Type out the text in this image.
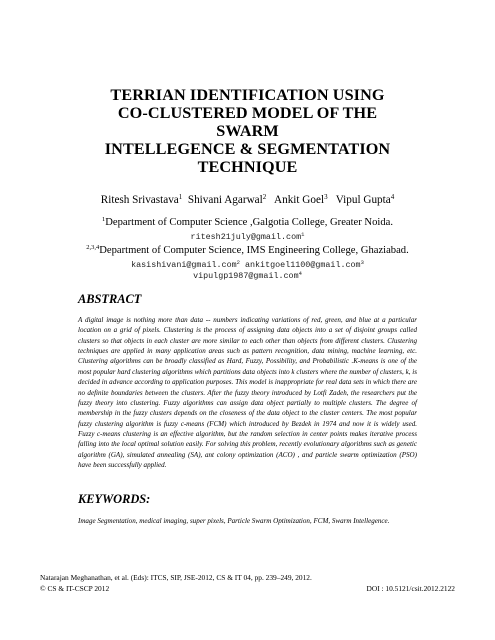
TERRIAN IDENTIFICATION USING
CO-CLUSTERED MODEL OF THE
SWARM
INTELLEGENCE & SEGMENTATION
TECHNIQUE
Ritesh Srivastava$^1$ Shivani Agarwal$^2$ Ankit Goel$^3$ Vipul Gupta$^4$
$^1$Department of Computer Science ,Galgotia College, Greater Noida.
ritesh21july@gmail.com$^1$
$^{2,3,4}$Department of Computer Science, IMS Engineering College, Ghaziabad.
kasishivani@gmail.com$^2$ ankitgoel1100@gmail.com$^3$
vipulgp1987@gmail.com$^4$
ABSTRACT
A digital image is nothing more than data -- numbers indicating variations of red, green, and blue at a particular location on a grid of pixels. Clustering is the process of assigning data objects into a set of disjoint groups called clusters so that objects in each cluster are more similar to each other than objects from different clusters. Clustering techniques are applied in many application areas such as pattern recognition, data mining, machine learning, etc. Clustering algorithms can be broadly classified as Hard, Fuzzy, Possibility, and Probabilistic .K-means is one of the most popular hard clustering algorithms which partitions data objects into k clusters where the number of clusters, k, is decided in advance according to application purposes. This model is inappropriate for real data sets in which there are no definite boundaries between the clusters. After the fuzzy theory introduced by Lotfi Zadeh, the researchers put the fuzzy theory into clustering. Fuzzy algorithms can assign data object partially to multiple clusters. The degree of membership in the fuzzy clusters depends on the closeness of the data object to the cluster centers. The most popular fuzzy clustering algorithm is fuzzy c-means (FCM) which introduced by Bezdek in 1974 and now it is widely used. Fuzzy c-means clustering is an effective algorithm, but the random selection in center points makes iterative process falling into the local optimal solution easily. For solving this problem, recently evolutionary algorithms such as genetic algorithm (GA), simulated annealing (SA), ant colony optimization (ACO) , and particle swarm optimization (PSO) have been successfully applied.
KEYWORDS:
Image Segmentation, medical imaging, super pixels, Particle Swarm Optimization, FCM, Swarm Intellegence.
Natarajan Meghanathan, et al. (Eds): ITCS, SIP, JSE-2012, CS & IT 04, pp. 239–249, 2012.
© CS & IT-CSCP 2012	DOI : 10.5121/csit.2012.2122
